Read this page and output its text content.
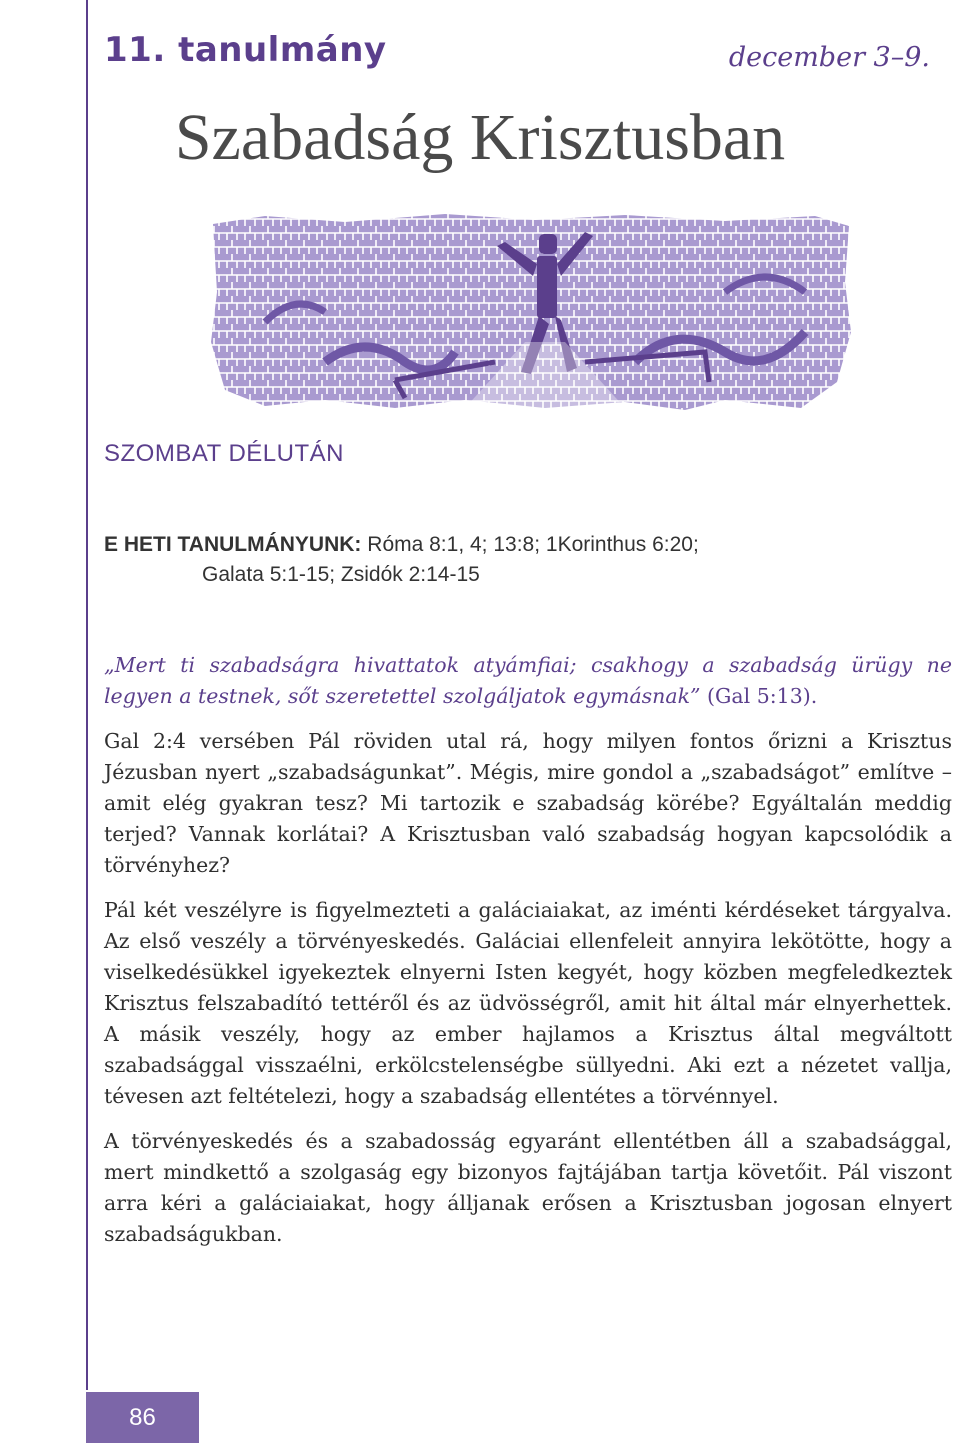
11. tanulmány	december 3–9.
Szabadság Krisztusban
SZOMBAT DÉLUTÁN
E HETI TANULMÁNYUNK: Róma 8:1, 4; 13:8; 1Korinthus 6:20;
Galata 5:1-15; Zsidók 2:14-15

„Mert ti szabadságra hivattatok atyámfiai; csakhogy a szabadság ürügy ne legyen a testnek, sőt szeretettel szolgáljatok egymásnak” (Gal 5:13).

Gal 2:4 versében Pál röviden utal rá, hogy milyen fontos őrizni a Krisztus Jézusban nyert „szabadságunkat”. Mégis, mire gondol a „szabadságot” említve – amit elég gyakran tesz? Mi tartozik e szabadság körébe? Egyáltalán meddig terjed? Vannak korlátai? A Krisztusban való szabadság hogyan kapcsolódik a törvényhez?

Pál két veszélyre is figyelmezteti a galáciaiakat, az iménti kérdéseket tárgyalva. Az első veszély a törvényeskedés. Galáciai ellenfeleit annyira lekötötte, hogy a viselkedésükkel igyekeztek elnyerni Isten kegyét, hogy közben megfeledkeztek Krisztus felszabadító tettéről és az üdvösségről, amit hit által már elnyerhettek. A másik veszély, hogy az ember hajlamos a Krisztus által megváltott szabadsággal visszaélni, erkölcstelenségbe süllyedni. Aki ezt a nézetet vallja, tévesen azt feltételezi, hogy a szabadság ellentétes a törvénnyel.

A törvényeskedés és a szabadosság egyaránt ellentétben áll a szabadsággal, mert mindkettő a szolgaság egy bizonyos fajtájában tartja követőit. Pál viszont arra kéri a galáciaiakat, hogy álljanak erősen a Krisztusban jogosan elnyert szabadságukban.

86
